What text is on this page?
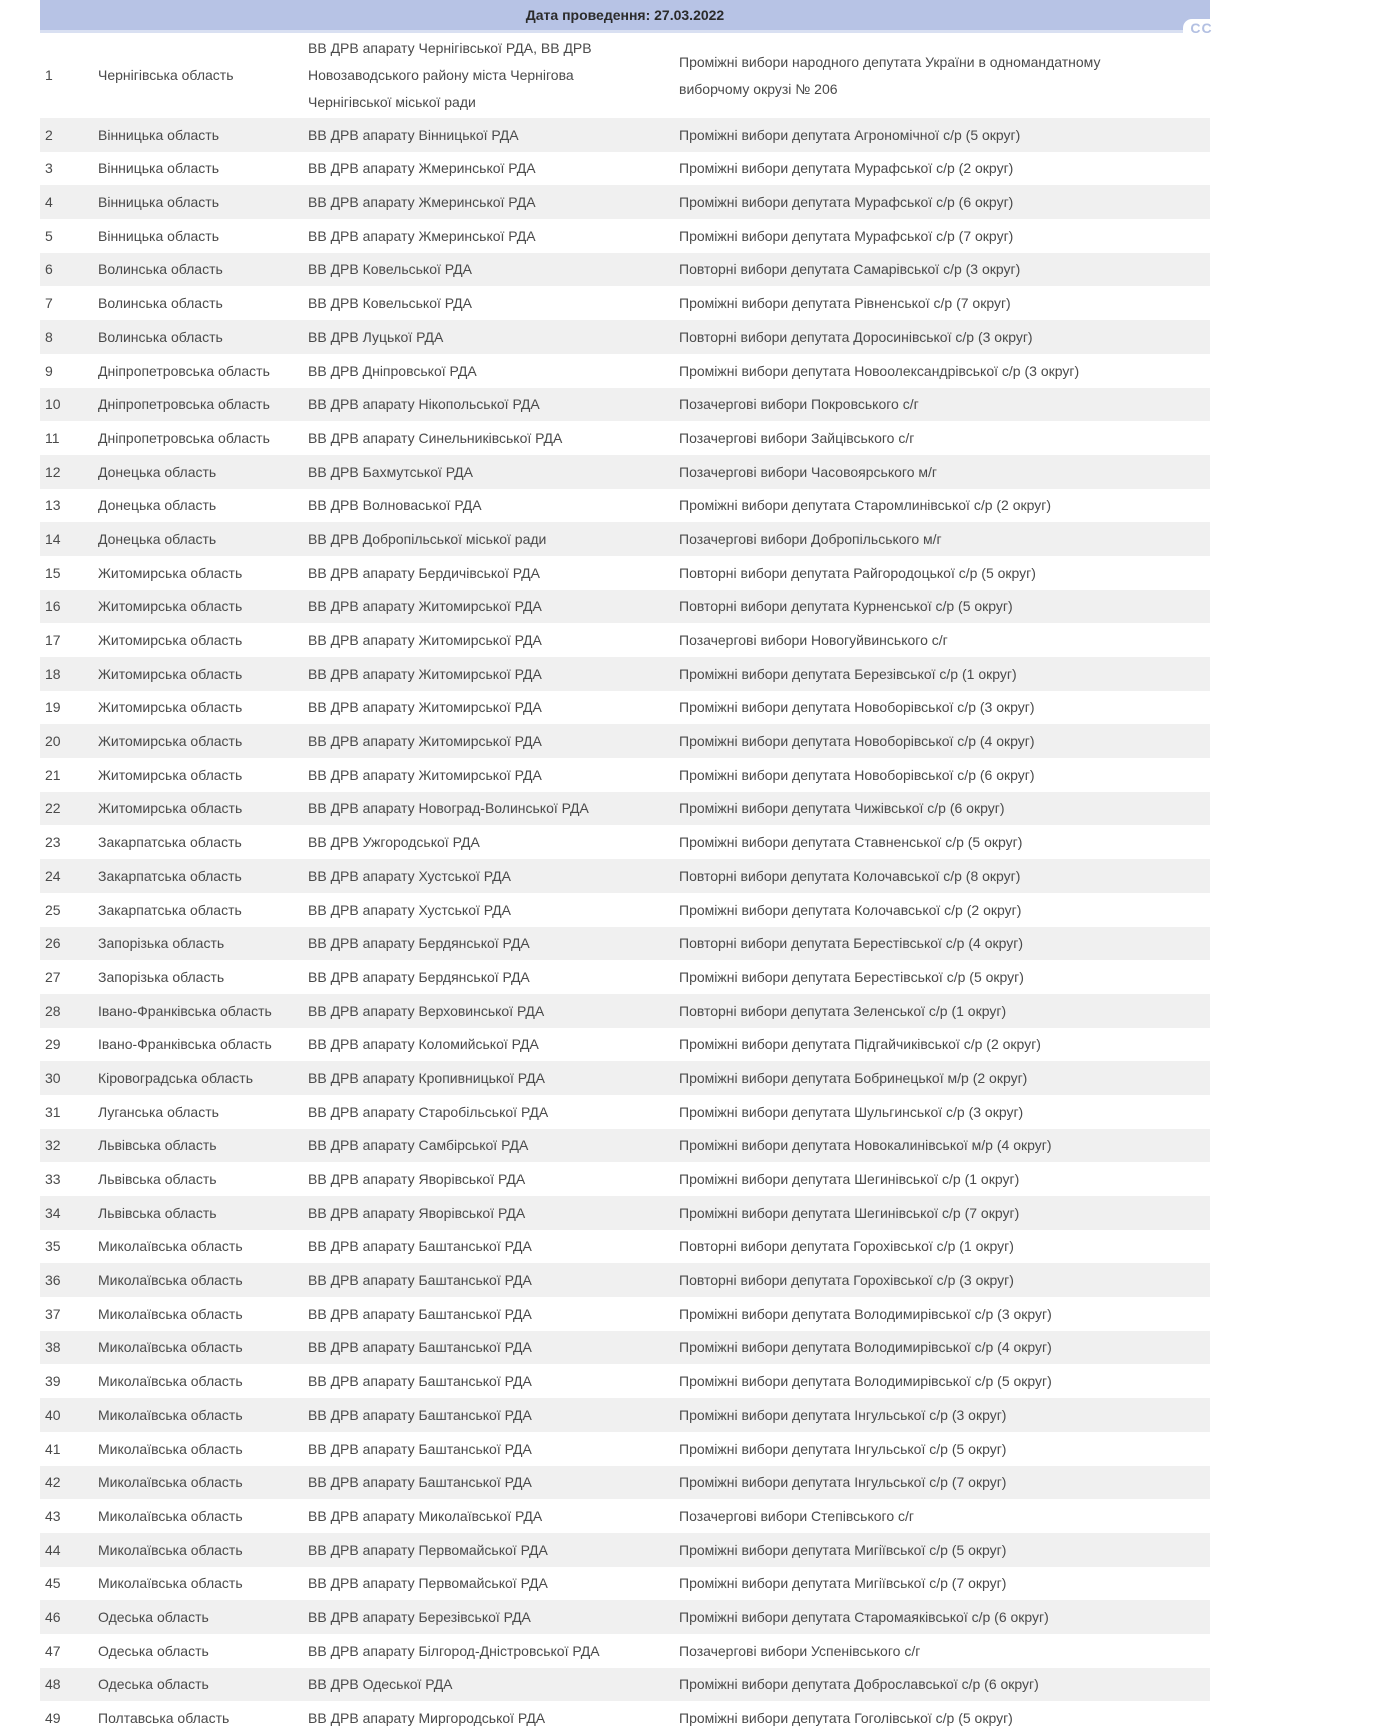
Дата проведення: 27.03.2022
1	Чернігівська область	ВВ ДРВ апарату Чернігівської РДА, ВВ ДРВ Новозаводського району міста Чернігова Чернігівської міської ради	Проміжні вибори народного депутата України в одномандатному виборчому окрузі № 206
2	Вінницька область	ВВ ДРВ апарату Вінницької РДА	Проміжні вибори депутата Агрономічної с/р (5 округ)
3	Вінницька область	ВВ ДРВ апарату Жмеринської РДА	Проміжні вибори депутата Мурафської с/р (2 округ)
4	Вінницька область	ВВ ДРВ апарату Жмеринської РДА	Проміжні вибори депутата Мурафської с/р (6 округ)
5	Вінницька область	ВВ ДРВ апарату Жмеринської РДА	Проміжні вибори депутата Мурафської с/р (7 округ)
6	Волинська область	ВВ ДРВ Ковельської РДА	Повторні вибори депутата Самарівської с/р (3 округ)
7	Волинська область	ВВ ДРВ Ковельської РДА	Проміжні вибори депутата Рівненської с/р (7 округ)
8	Волинська область	ВВ ДРВ Луцької РДА	Повторні вибори депутата Доросинівської с/р (3 округ)
9	Дніпропетровська область	ВВ ДРВ Дніпровської РДА	Проміжні вибори депутата Новоолександрівської с/р (3 округ)
10	Дніпропетровська область	ВВ ДРВ апарату Нікопольської РДА	Позачергові вибори Покровського с/г
11	Дніпропетровська область	ВВ ДРВ апарату Синельниківської РДА	Позачергові вибори Зайцівського с/г
12	Донецька область	ВВ ДРВ Бахмутської РДА	Позачергові вибори Часовоярського м/г
13	Донецька область	ВВ ДРВ Волноваської РДА	Проміжні вибори депутата Старомлинівської с/р (2 округ)
14	Донецька область	ВВ ДРВ Добропільської міської ради	Позачергові вибори Добропільського м/г
15	Житомирська область	ВВ ДРВ апарату Бердичівської РДА	Повторні вибори депутата Райгородоцької с/р (5 округ)
16	Житомирська область	ВВ ДРВ апарату Житомирської РДА	Повторні вибори депутата Курненської с/р (5 округ)
17	Житомирська область	ВВ ДРВ апарату Житомирської РДА	Позачергові вибори Новогуйвинського с/г
18	Житомирська область	ВВ ДРВ апарату Житомирської РДА	Проміжні вибори депутата Березівської с/р (1 округ)
19	Житомирська область	ВВ ДРВ апарату Житомирської РДА	Проміжні вибори депутата Новоборівської с/р (3 округ)
20	Житомирська область	ВВ ДРВ апарату Житомирської РДА	Проміжні вибори депутата Новоборівської с/р (4 округ)
21	Житомирська область	ВВ ДРВ апарату Житомирської РДА	Проміжні вибори депутата Новоборівської с/р (6 округ)
22	Житомирська область	ВВ ДРВ апарату Новоград-Волинської РДА	Проміжні вибори депутата Чижівської с/р (6 округ)
23	Закарпатська область	ВВ ДРВ Ужгородської РДА	Проміжні вибори депутата Ставненської с/р (5 округ)
24	Закарпатська область	ВВ ДРВ апарату Хустської РДА	Повторні вибори депутата Колочавської с/р (8 округ)
25	Закарпатська область	ВВ ДРВ апарату Хустської РДА	Проміжні вибори депутата Колочавської с/р (2 округ)
26	Запорізька область	ВВ ДРВ апарату Бердянської РДА	Повторні вибори депутата Берестівської с/р (4 округ)
27	Запорізька область	ВВ ДРВ апарату Бердянської РДА	Проміжні вибори депутата Берестівської с/р (5 округ)
28	Івано-Франківська область	ВВ ДРВ апарату Верховинської РДА	Повторні вибори депутата Зеленської с/р (1 округ)
29	Івано-Франківська область	ВВ ДРВ апарату Коломийської РДА	Проміжні вибори депутата Підгайчиківської с/р (2 округ)
30	Кіровоградська область	ВВ ДРВ апарату Кропивницької РДА	Проміжні вибори депутата Бобринецької м/р (2 округ)
31	Луганська область	ВВ ДРВ апарату Старобільської РДА	Проміжні вибори депутата Шульгинської с/р (3 округ)
32	Львівська область	ВВ ДРВ апарату Самбірської РДА	Проміжні вибори депутата Новокалинівської м/р (4 округ)
33	Львівська область	ВВ ДРВ апарату Яворівської РДА	Проміжні вибори депутата Шегинівської с/р (1 округ)
34	Львівська область	ВВ ДРВ апарату Яворівської РДА	Проміжні вибори депутата Шегинівської с/р (7 округ)
35	Миколаївська область	ВВ ДРВ апарату Баштанської РДА	Повторні вибори депутата Горохівської с/р (1 округ)
36	Миколаївська область	ВВ ДРВ апарату Баштанської РДА	Повторні вибори депутата Горохівської с/р (3 округ)
37	Миколаївська область	ВВ ДРВ апарату Баштанської РДА	Проміжні вибори депутата Володимирівської с/р (3 округ)
38	Миколаївська область	ВВ ДРВ апарату Баштанської РДА	Проміжні вибори депутата Володимирівської с/р (4 округ)
39	Миколаївська область	ВВ ДРВ апарату Баштанської РДА	Проміжні вибори депутата Володимирівської с/р (5 округ)
40	Миколаївська область	ВВ ДРВ апарату Баштанської РДА	Проміжні вибори депутата Інгульської с/р (3 округ)
41	Миколаївська область	ВВ ДРВ апарату Баштанської РДА	Проміжні вибори депутата Інгульської с/р (5 округ)
42	Миколаївська область	ВВ ДРВ апарату Баштанської РДА	Проміжні вибори депутата Інгульської с/р (7 округ)
43	Миколаївська область	ВВ ДРВ апарату Миколаївської РДА	Позачергові вибори Степівського с/г
44	Миколаївська область	ВВ ДРВ апарату Первомайської РДА	Проміжні вибори депутата Мигіївської с/р (5 округ)
45	Миколаївська область	ВВ ДРВ апарату Первомайської РДА	Проміжні вибори депутата Мигіївської с/р (7 округ)
46	Одеська область	ВВ ДРВ апарату Березівської РДА	Проміжні вибори депутата Старомаяківської с/р (6 округ)
47	Одеська область	ВВ ДРВ апарату Білгород-Дністровської РДА	Позачергові вибори Успенівського с/г
48	Одеська область	ВВ ДРВ Одеської РДА	Проміжні вибори депутата Доброславської с/р (6 округ)
49	Полтавська область	ВВ ДРВ апарату Миргородської РДА	Проміжні вибори депутата Гоголівської с/р (5 округ)
CC
